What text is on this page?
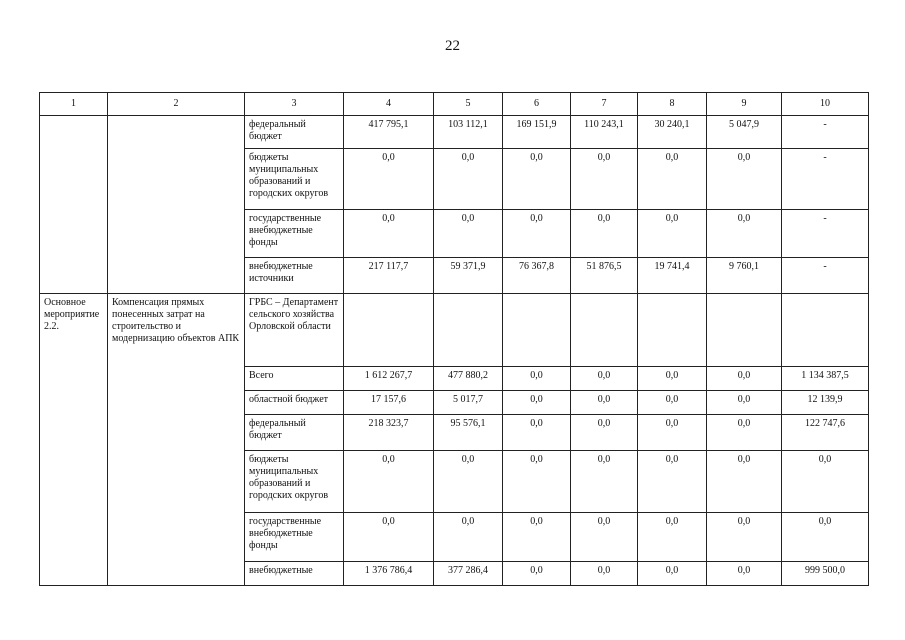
22
1	2	3	4	5	6	7	8	9	10
		федеральный бюджет	417 795,1	103 112,1	169 151,9	110 243,1	30 240,1	5 047,9	-
		бюджеты муниципальных образований и городских округов	0,0	0,0	0,0	0,0	0,0	0,0	-
		государственные внебюджетные фонды	0,0	0,0	0,0	0,0	0,0	0,0	-
		внебюджетные источники	217 117,7	59 371,9	76 367,8	51 876,5	19 741,4	9 760,1	-
Основное мероприятие 2.2.	Компенсация прямых понесенных затрат на строительство и модернизацию объектов АПК	ГРБС – Департамент сельского хозяйства Орловской области							
		Всего	1 612 267,7	477 880,2	0,0	0,0	0,0	0,0	1 134 387,5
		областной бюджет	17 157,6	5 017,7	0,0	0,0	0,0	0,0	12 139,9
		федеральный бюджет	218 323,7	95 576,1	0,0	0,0	0,0	0,0	122 747,6
		бюджеты муниципальных образований и городских округов	0,0	0,0	0,0	0,0	0,0	0,0	0,0
		государственные внебюджетные фонды	0,0	0,0	0,0	0,0	0,0	0,0	0,0
		внебюджетные	1 376 786,4	377 286,4	0,0	0,0	0,0	0,0	999 500,0
